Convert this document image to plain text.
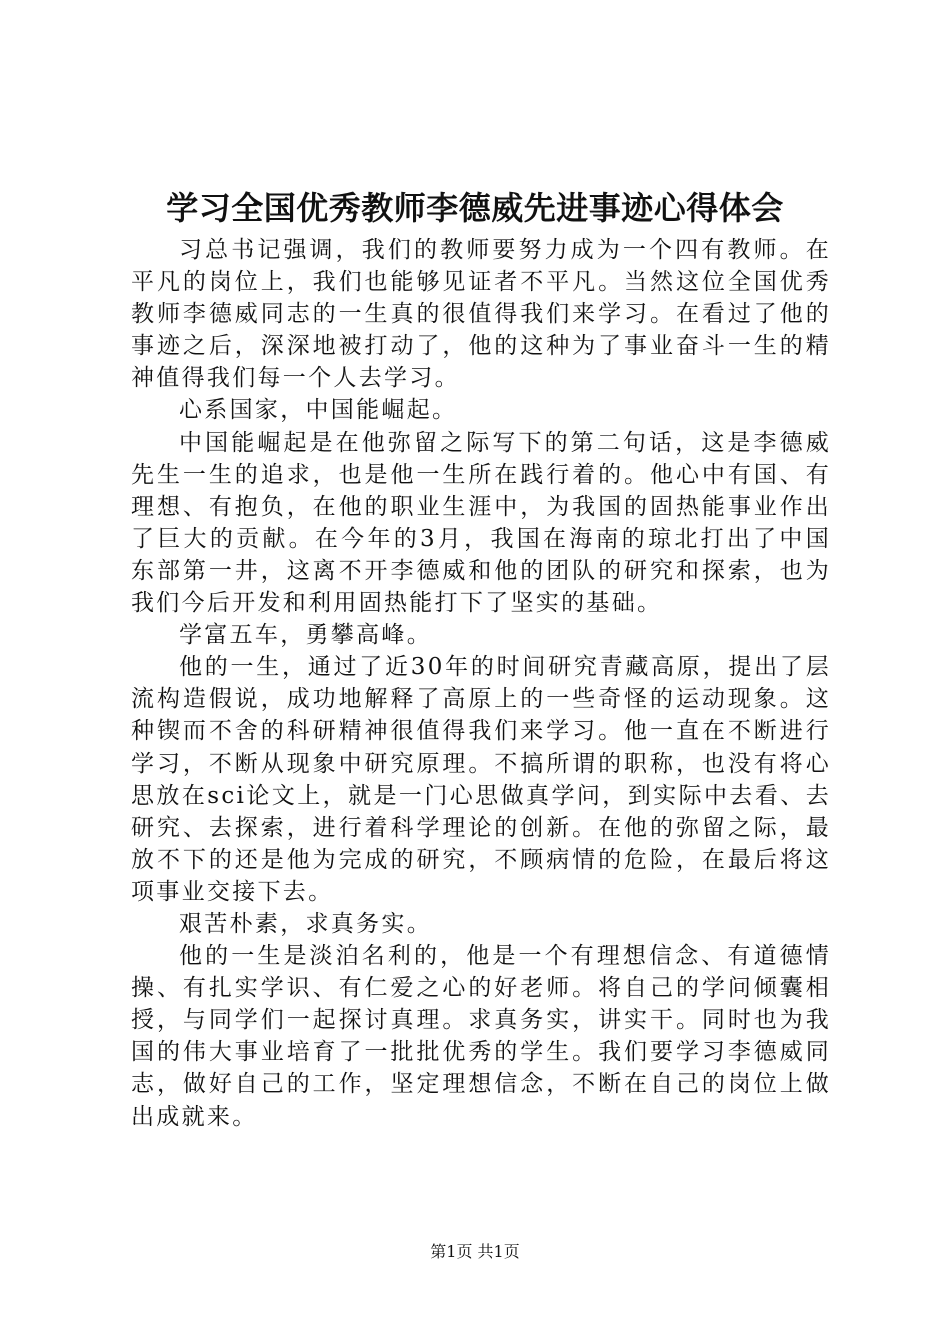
学习全国优秀教师李德威先进事迹心得体会

习总书记强调，我们的教师要努力成为一个四有教师。在平凡的岗位上，我们也能够见证者不平凡。当然这位全国优秀教师李德威同志的一生真的很值得我们来学习。在看过了他的事迹之后，深深地被打动了，他的这种为了事业奋斗一生的精神值得我们每一个人去学习。

心系国家，中国能崛起。

中国能崛起是在他弥留之际写下的第二句话，这是李德威先生一生的追求，也是他一生所在践行着的。他心中有国、有理想、有抱负，在他的职业生涯中，为我国的固热能事业作出了巨大的贡献。在今年的3月，我国在海南的琼北打出了中国东部第一井，这离不开李德威和他的团队的研究和探索，也为我们今后开发和利用固热能打下了坚实的基础。

学富五车，勇攀高峰。

他的一生，通过了近30年的时间研究青藏高原，提出了层流构造假说，成功地解释了高原上的一些奇怪的运动现象。这种锲而不舍的科研精神很值得我们来学习。他一直在不断进行学习，不断从现象中研究原理。不搞所谓的职称，也没有将心思放在sci论文上，就是一门心思做真学问，到实际中去看、去研究、去探索，进行着科学理论的创新。在他的弥留之际，最放不下的还是他为完成的研究，不顾病情的危险，在最后将这项事业交接下去。

艰苦朴素，求真务实。

他的一生是淡泊名利的，他是一个有理想信念、有道德情操、有扎实学识、有仁爱之心的好老师。将自己的学问倾囊相授，与同学们一起探讨真理。求真务实，讲实干。同时也为我国的伟大事业培育了一批批优秀的学生。我们要学习李德威同志，做好自己的工作，坚定理想信念，不断在自己的岗位上做出成就来。

第1页 共1页
